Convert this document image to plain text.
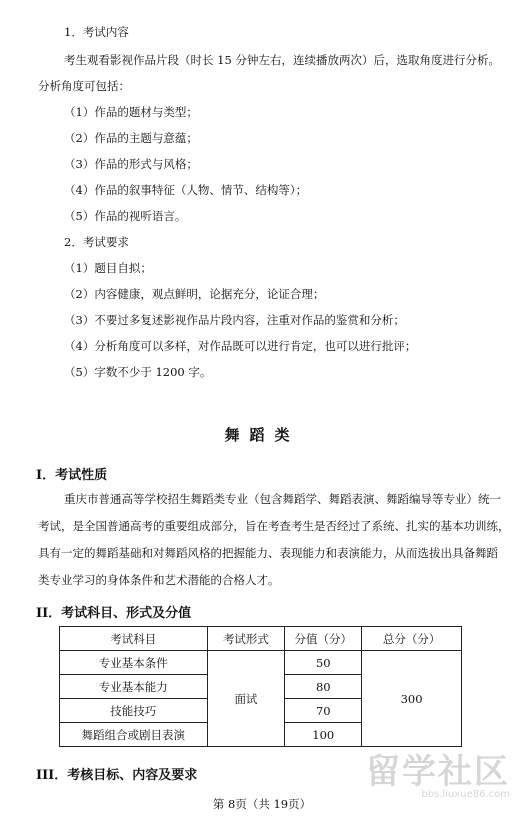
1．考试内容
考生观看影视作品片段（时长 15 分钟左右，连续播放两次）后，选取角度进行分析。
分析角度可包括：
（1）作品的题材与类型；
（2）作品的主题与意蕴；
（3）作品的形式与风格；
（4）作品的叙事特征（人物、情节、结构等）；
（5）作品的视听语言。
2．考试要求
（1）题目自拟；
（2）内容健康，观点鲜明，论据充分，论证合理；
（3）不要过多复述影视作品片段内容，注重对作品的鉴赏和分析；
（4）分析角度可以多样，对作品既可以进行肯定，也可以进行批评；
（5）字数不少于 1200 字。
舞蹈类
I．考试性质
重庆市普通高等学校招生舞蹈类专业（包含舞蹈学、舞蹈表演、舞蹈编导等专业）统一
考试，是全国普通高考的重要组成部分，旨在考查考生是否经过了系统、扎实的基本功训练，
具有一定的舞蹈基础和对舞蹈风格的把握能力、表现能力和表演能力，从而选拔出具备舞蹈
类专业学习的身体条件和艺术潜能的合格人才。
II．考试科目、形式及分值
考试科目	考试形式	分值（分）	总分（分）
专业基本条件	面试	50	300
专业基本能力		80	
技能技巧		70	
舞蹈组合或剧目表演		100	
III．考核目标、内容及要求
第 8页（共 19页）
留学社区
bbs.liuxue86.com
